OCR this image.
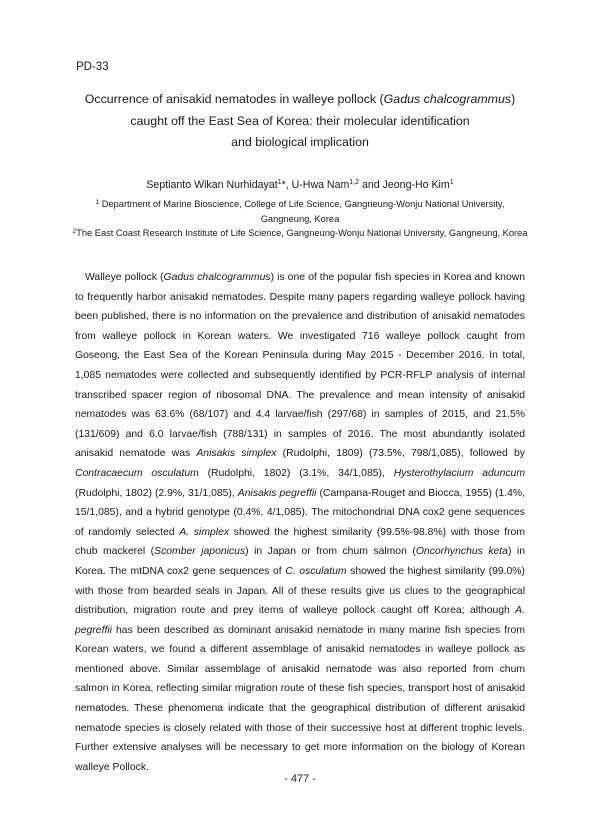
PD-33
Occurrence of anisakid nematodes in walleye pollock (Gadus chalcogrammus)
caught off the East Sea of Korea: their molecular identification
and biological implication
Septianto Wikan Nurhidayat$^1$*, U-Hwa Nam$^{1,2}$ and Jeong-Ho Kim$^1$
$^1$ Department of Marine Bioscience, College of Life Science, Gangneung-Wonju National University, Gangneung, Korea
$^2$The East Coast Research Institute of Life Science, Gangneung-Wonju National University, Gangneung, Korea

Walleye pollock (Gadus chalcogrammus) is one of the popular fish species in Korea and known to frequently harbor anisakid nematodes. Despite many papers regarding walleye pollock having been published, there is no information on the prevalence and distribution of anisakid nematodes from walleye pollock in Korean waters. We investigated 716 walleye pollock caught from Goseong, the East Sea of the Korean Peninsula during May 2015 - December 2016. In total, 1,085 nematodes were collected and subsequently identified by PCR-RFLP analysis of internal transcribed spacer region of ribosomal DNA. The prevalence and mean intensity of anisakid nematodes was 63.6% (68/107) and 4.4 larvae/fish (297/68) in samples of 2015, and 21.5% (131/609) and 6.0 larvae/fish (788/131) in samples of 2016. The most abundantly isolated anisakid nematode was Anisakis simplex (Rudolphi, 1809) (73.5%, 798/1,085), followed by Contracaecum osculatum (Rudolphi, 1802) (3.1%, 34/1,085), Hysterothylacium aduncum (Rudolphi, 1802) (2.9%, 31/1,085), Anisakis pegreffii (Campana-Rouget and Biocca, 1955) (1.4%, 15/1,085), and a hybrid genotype (0.4%, 4/1,085). The mitochondrial DNA cox2 gene sequences of randomly selected A. simplex showed the highest similarity (99.5%-98.8%) with those from chub mackerel (Scomber japonicus) in Japan or from chum salmon (Oncorhynchus keta) in Korea. The mtDNA cox2 gene sequences of C. osculatum showed the highest similarity (99.0%) with those from bearded seals in Japan. All of these results give us clues to the geographical distribution, migration route and prey items of walleye pollock caught off Korea; although A. pegreffii has been described as dominant anisakid nematode in many marine fish species from Korean waters, we found a different assemblage of anisakid nematodes in walleye pollock as mentioned above. Similar assemblage of anisakid nematode was also reported from chum salmon in Korea, reflecting similar migration route of these fish species, transport host of anisakid nematodes. These phenomena indicate that the geographical distribution of different anisakid nematode species is closely related with those of their successive host at different trophic levels. Further extensive analyses will be necessary to get more information on the biology of Korean walleye Pollock.

- 477 -
